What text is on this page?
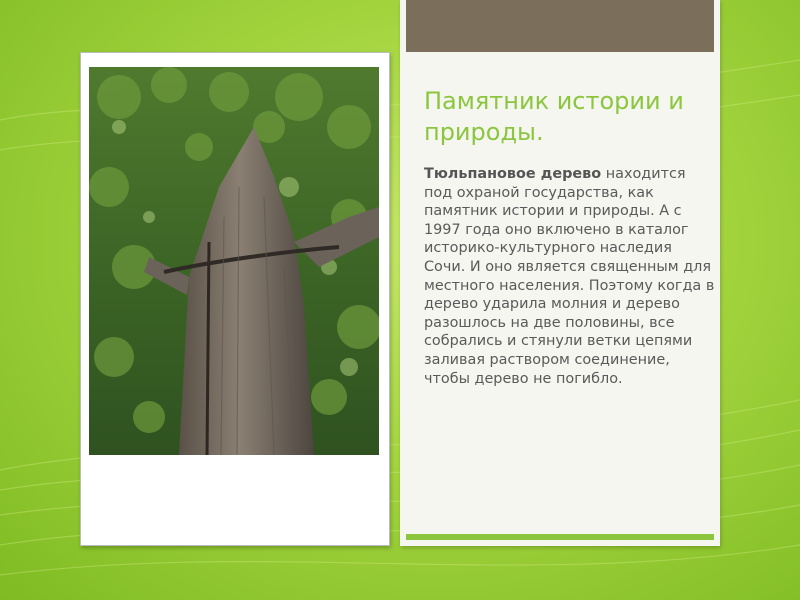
Памятник истории и природы.

Тюльпановое дерево находится под охраной государства, как памятник истории и природы. А с 1997 года оно включено в каталог историко-культурного наследия Сочи. И оно является священным для местного населения. Поэтому когда в дерево ударила молния и дерево разошлось на две половины, все собрались и стянули ветки цепями заливая раствором соединение, чтобы дерево не погибло.
